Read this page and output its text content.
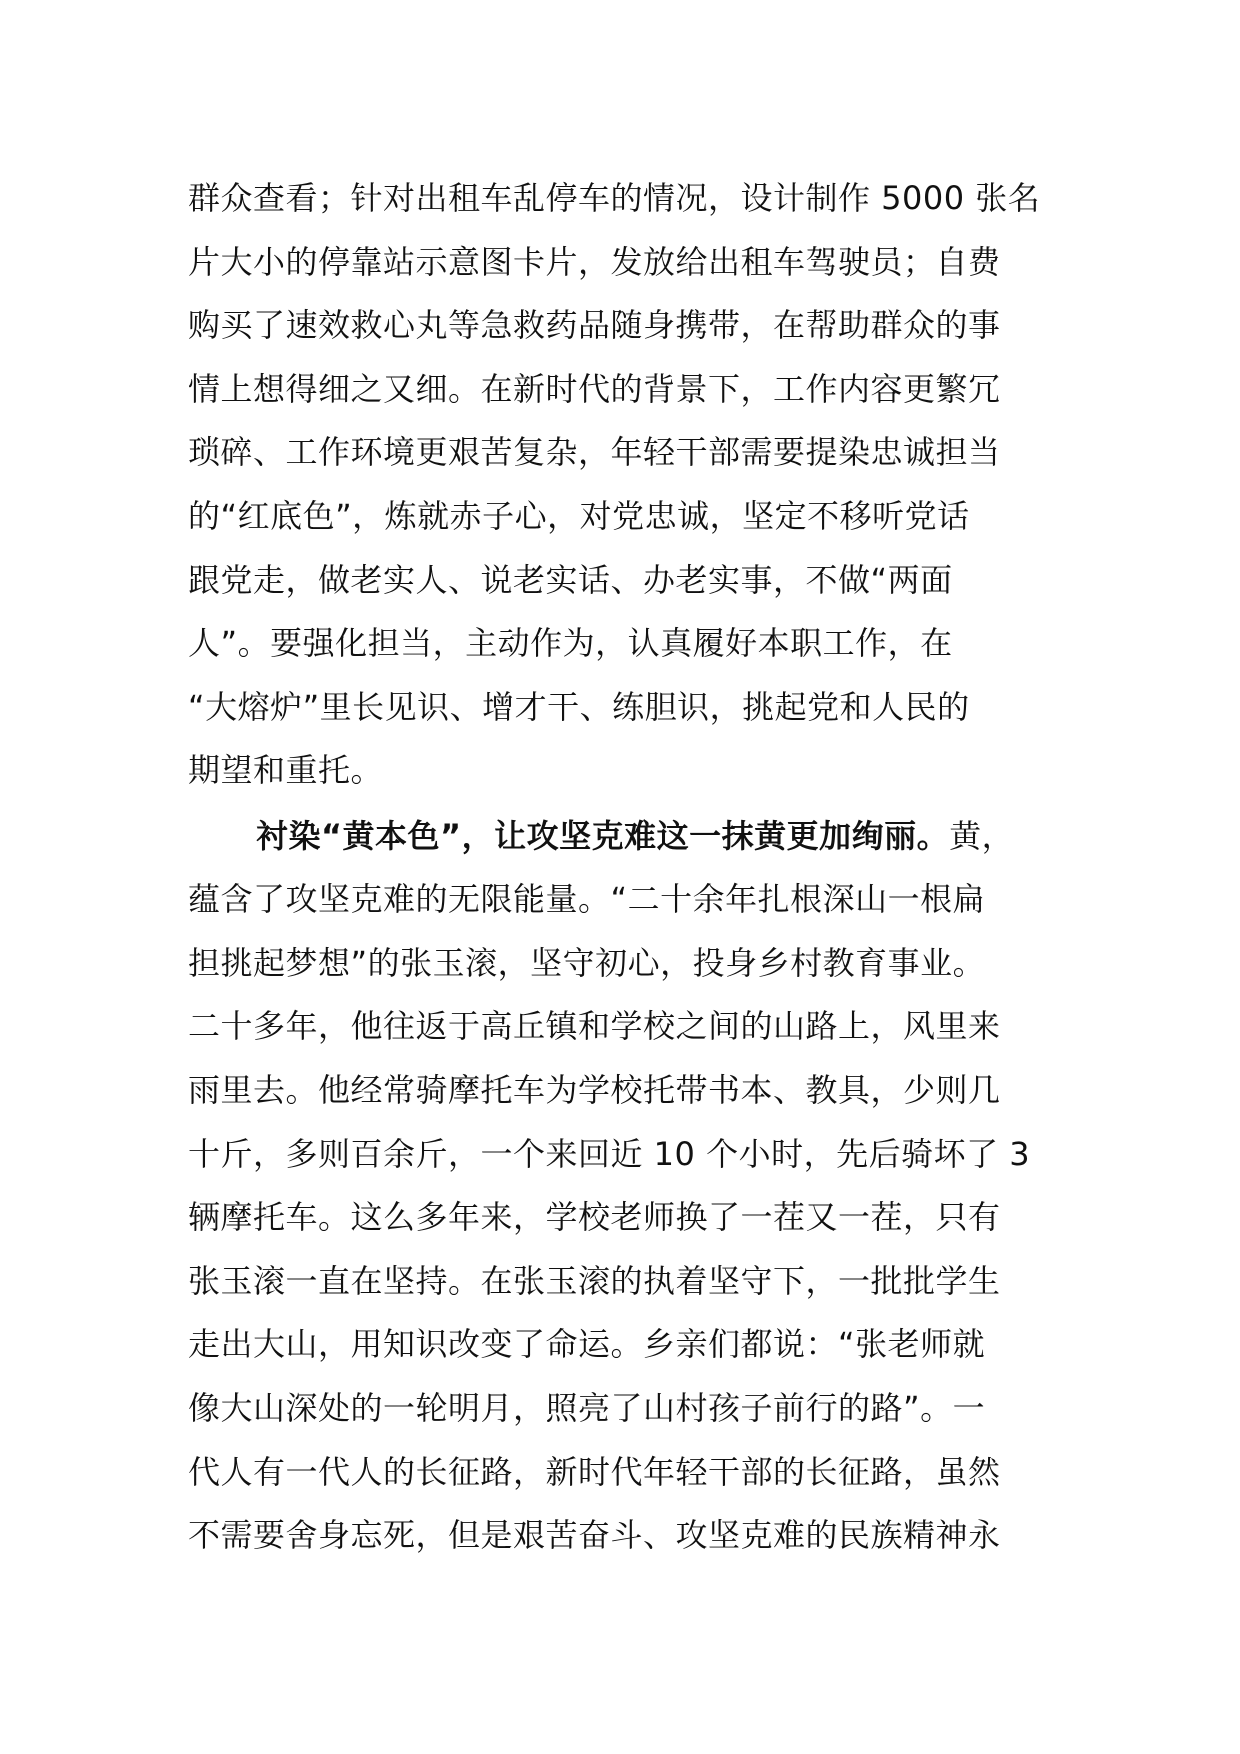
群众查看；针对出租车乱停车的情况，设计制作 5000 张名
片大小的停靠站示意图卡片，发放给出租车驾驶员；自费
购买了速效救心丸等急救药品随身携带，在帮助群众的事
情上想得细之又细。在新时代的背景下，工作内容更繁冗
琐碎、工作环境更艰苦复杂，年轻干部需要提染忠诚担当
的“红底色”，炼就赤子心，对党忠诚，坚定不移听党话
跟党走，做老实人、说老实话、办老实事，不做“两面
人”。要强化担当，主动作为，认真履好本职工作，在
“大熔炉”里长见识、增才干、练胆识，挑起党和人民的
期望和重托。
衬染“黄本色”，让攻坚克难这一抹黄更加绚丽。黄，
蕴含了攻坚克难的无限能量。“二十余年扎根深山一根扁
担挑起梦想”的张玉滚，坚守初心，投身乡村教育事业。
二十多年，他往返于高丘镇和学校之间的山路上，风里来
雨里去。他经常骑摩托车为学校托带书本、教具，少则几
十斤，多则百余斤，一个来回近 10 个小时，先后骑坏了 3
辆摩托车。这么多年来，学校老师换了一茬又一茬，只有
张玉滚一直在坚持。在张玉滚的执着坚守下，一批批学生
走出大山，用知识改变了命运。乡亲们都说：“张老师就
像大山深处的一轮明月，照亮了山村孩子前行的路”。一
代人有一代人的长征路，新时代年轻干部的长征路，虽然
不需要舍身忘死，但是艰苦奋斗、攻坚克难的民族精神永
